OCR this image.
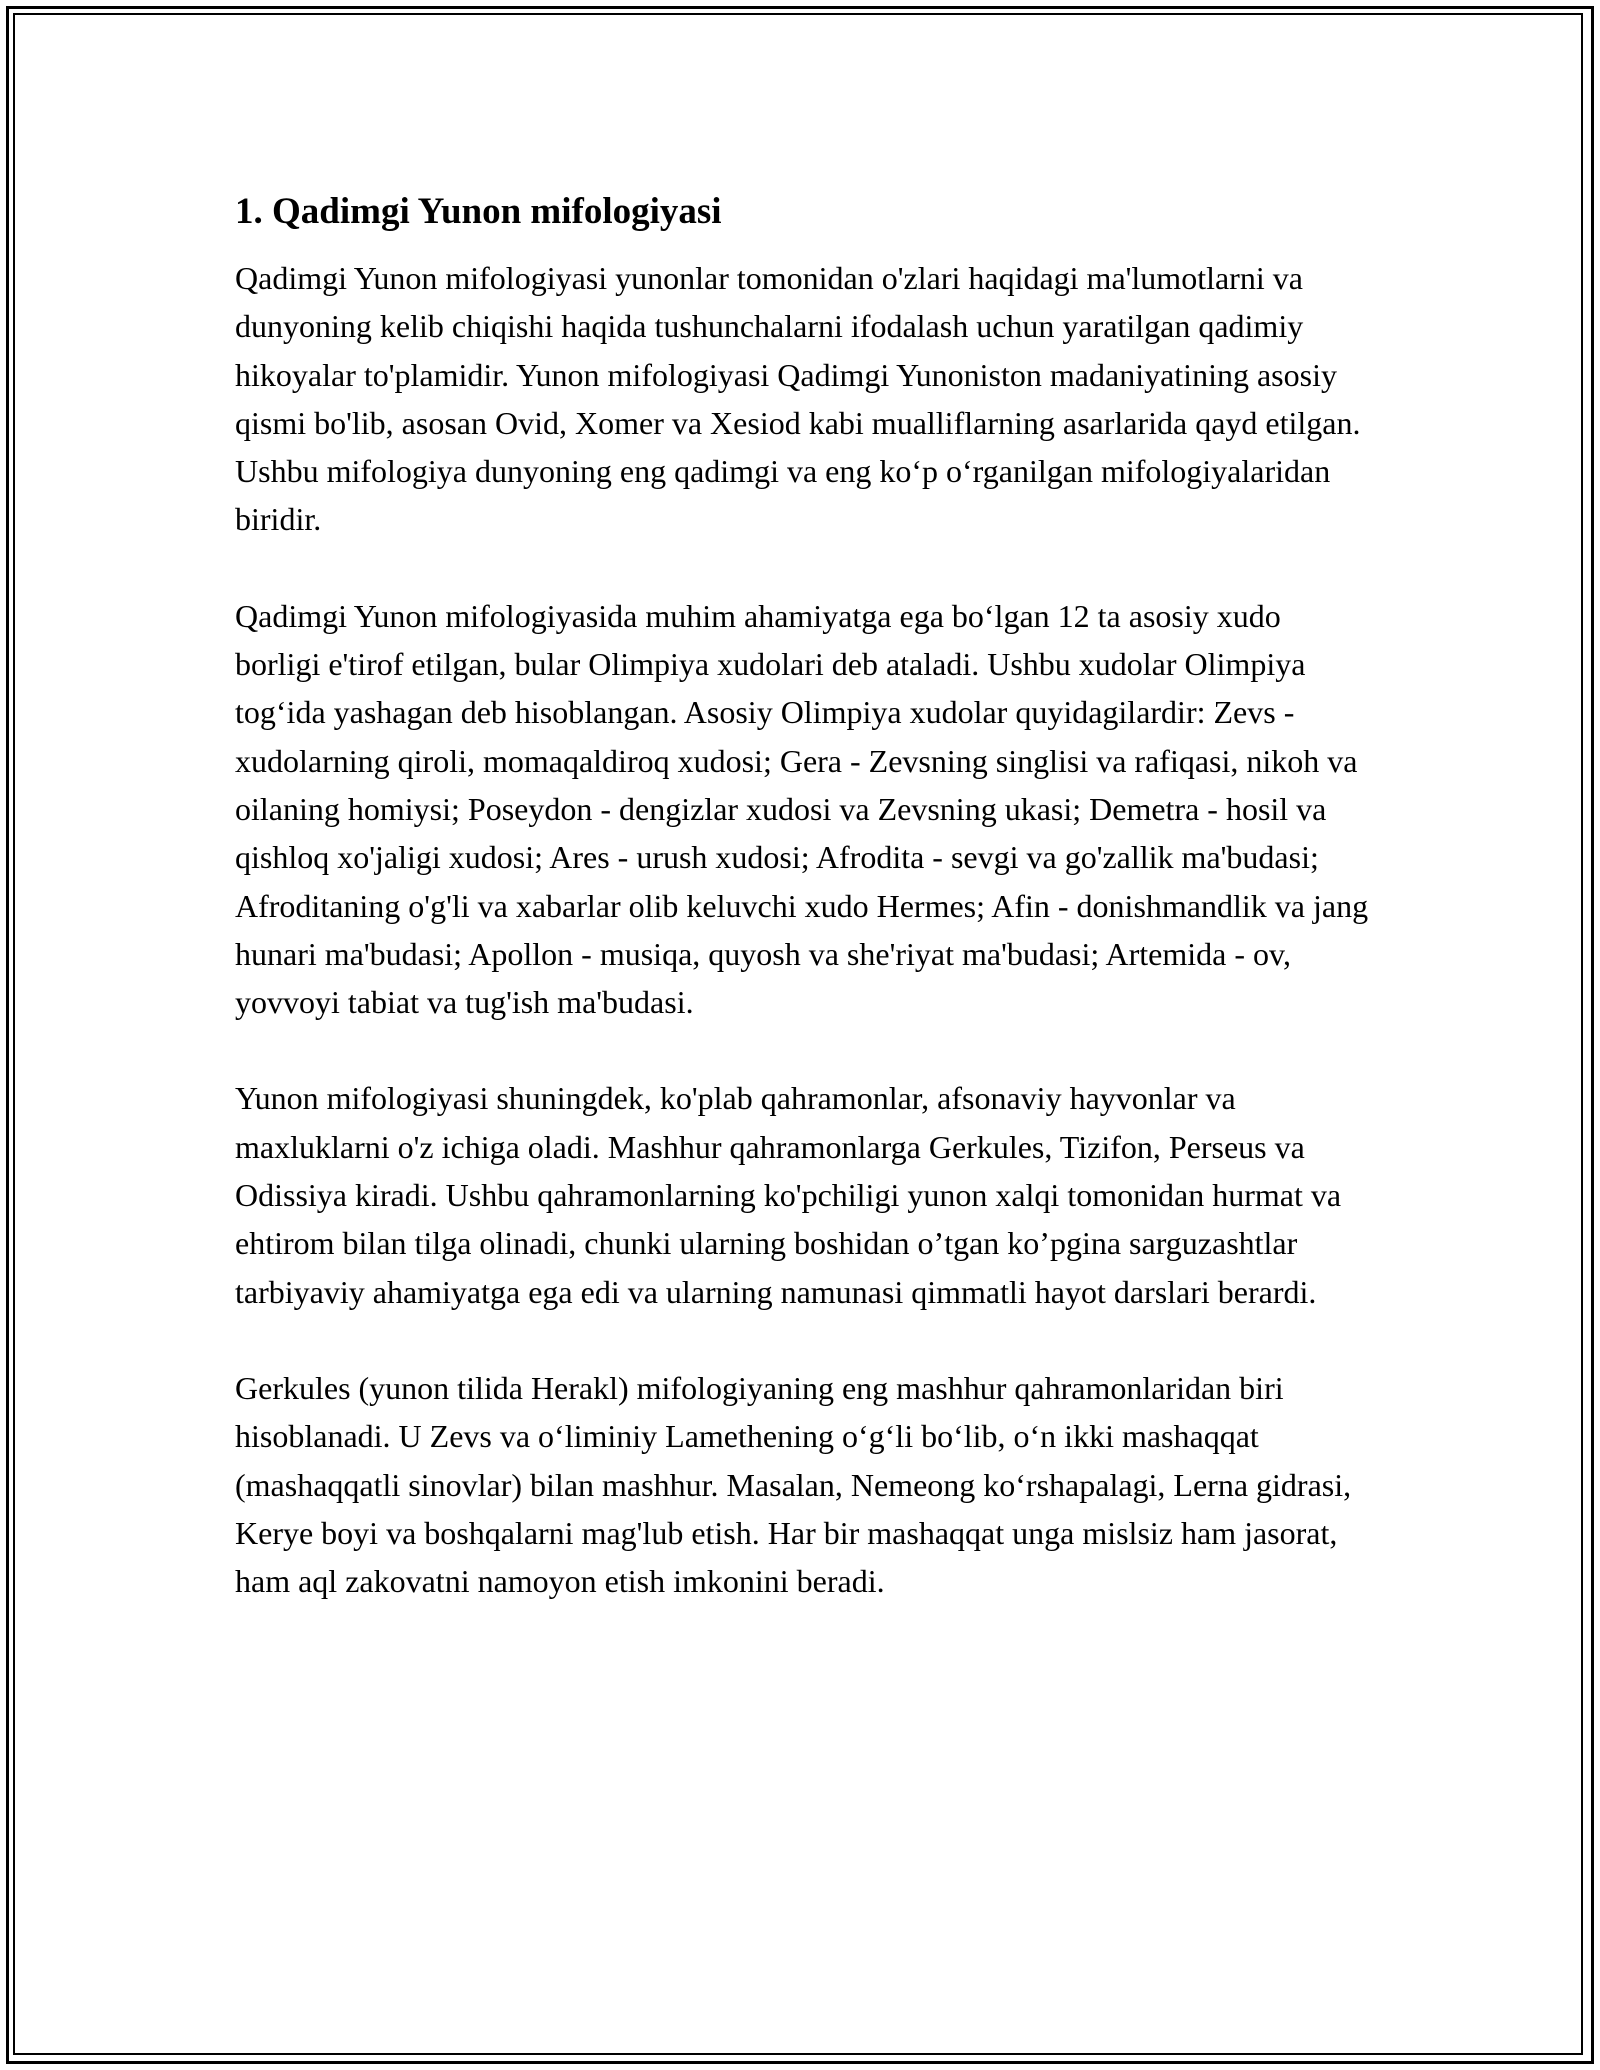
1. Qadimgi Yunon mifologiyasi

Qadimgi Yunon mifologiyasi yunonlar tomonidan o'zlari haqidagi ma'lumotlarni va dunyoning kelib chiqishi haqida tushunchalarni ifodalash uchun yaratilgan qadimiy hikoyalar to'plamidir. Yunon mifologiyasi Qadimgi Yunoniston madaniyatining asosiy qismi bo'lib, asosan Ovid, Xomer va Xesiod kabi mualliflarning asarlarida qayd etilgan. Ushbu mifologiya dunyoning eng qadimgi va eng koʻp oʻrganilgan mifologiyalaridan biridir.

Qadimgi Yunon mifologiyasida muhim ahamiyatga ega boʻlgan 12 ta asosiy xudo borligi e'tirof etilgan, bular Olimpiya xudolari deb ataladi. Ushbu xudolar Olimpiya togʻida yashagan deb hisoblangan. Asosiy Olimpiya xudolar quyidagilardir: Zevs - xudolarning qiroli, momaqaldiroq xudosi; Gera - Zevsning singlisi va rafiqasi, nikoh va oilaning homiysi; Poseydon - dengizlar xudosi va Zevsning ukasi; Demetra - hosil va qishloq xo'jaligi xudosi; Ares - urush xudosi; Afrodita - sevgi va go'zallik ma'budasi; Afroditaning o'g'li va xabarlar olib keluvchi xudo Hermes; Afin - donishmandlik va jang hunari ma'budasi; Apollon - musiqa, quyosh va she'riyat ma'budasi; Artemida - ov, yovvoyi tabiat va tug'ish ma'budasi.

Yunon mifologiyasi shuningdek, ko'plab qahramonlar, afsonaviy hayvonlar va maxluklarni o'z ichiga oladi. Mashhur qahramonlarga Gerkules, Tizifon, Perseus va Odissiya kiradi. Ushbu qahramonlarning ko'pchiligi yunon xalqi tomonidan hurmat va ehtirom bilan tilga olinadi, chunki ularning boshidan oʼtgan koʼpgina sarguzashtlar tarbiyaviy ahamiyatga ega edi va ularning namunasi qimmatli hayot darslari berardi.

Gerkules (yunon tilida Herakl) mifologiyaning eng mashhur qahramonlaridan biri hisoblanadi. U Zevs va oʻliminiy Lamethening oʻgʻli boʻlib, oʻn ikki mashaqqat (mashaqqatli sinovlar) bilan mashhur. Masalan, Nemeong koʻrshapalagi, Lerna gidrasi, Kerye boyi va boshqalarni mag'lub etish. Har bir mashaqqat unga mislsiz ham jasorat, ham aql zakovatni namoyon etish imkonini beradi.
